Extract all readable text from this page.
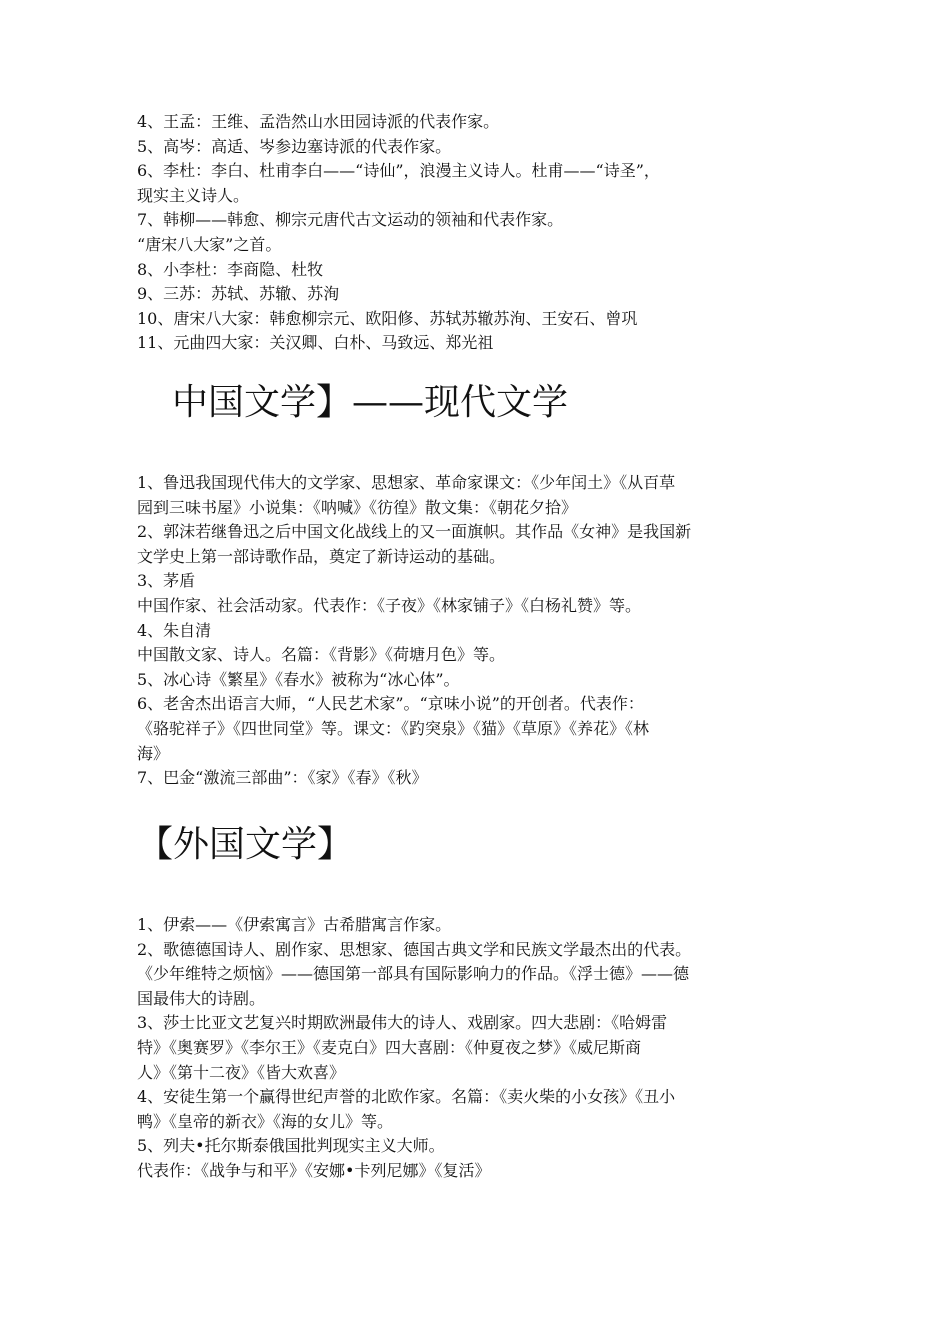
4、王孟：王维、孟浩然山水田园诗派的代表作家。

5、高岑：高适、岑参边塞诗派的代表作家。

6、李杜：李白、杜甫李白——“诗仙”，浪漫主义诗人。杜甫——“诗圣”，

现实主义诗人。

7、韩柳——韩愈、柳宗元唐代古文运动的领袖和代表作家。

“唐宋八大家”之首。

8、小李杜：李商隐、杜牧

9、三苏：苏轼、苏辙、苏洵

10、唐宋八大家：韩愈柳宗元、欧阳修、苏轼苏辙苏洵、王安石、曾巩

11、元曲四大家：关汉卿、白朴、马致远、郑光祖

中国文学】——现代文学

1、鲁迅我国现代伟大的文学家、思想家、革命家课文：《少年闰土》《从百草

园到三味书屋》小说集：《呐喊》《彷徨》散文集：《朝花夕拾》

2、郭沫若继鲁迅之后中国文化战线上的又一面旗帜。其作品《女神》是我国新

文学史上第一部诗歌作品，奠定了新诗运动的基础。

3、茅盾

中国作家、社会活动家。代表作：《子夜》《林家铺子》《白杨礼赞》等。

4、朱自清

中国散文家、诗人。名篇：《背影》《荷塘月色》等。

5、冰心诗《繁星》《春水》被称为“冰心体”。

6、老舍杰出语言大师，“人民艺术家”。“京味小说”的开创者。代表作：

《骆驼祥子》《四世同堂》等。课文：《趵突泉》《猫》《草原》《养花》《林

海》

7、巴金“激流三部曲”：《家》《春》《秋》

【外国文学】

1、伊索——《伊索寓言》古希腊寓言作家。

2、歌德德国诗人、剧作家、思想家、德国古典文学和民族文学最杰出的代表。

《少年维特之烦恼》——德国第一部具有国际影响力的作品。《浮士德》——德

国最伟大的诗剧。

3、莎士比亚文艺复兴时期欧洲最伟大的诗人、戏剧家。四大悲剧：《哈姆雷

特》《奥赛罗》《李尔王》《麦克白》四大喜剧：《仲夏夜之梦》《威尼斯商

人》《第十二夜》《皆大欢喜》

4、安徒生第一个赢得世纪声誉的北欧作家。名篇：《卖火柴的小女孩》《丑小

鸭》《皇帝的新衣》《海的女儿》等。

5、列夫•托尔斯泰俄国批判现实主义大师。

代表作：《战争与和平》《安娜•卡列尼娜》《复活》
